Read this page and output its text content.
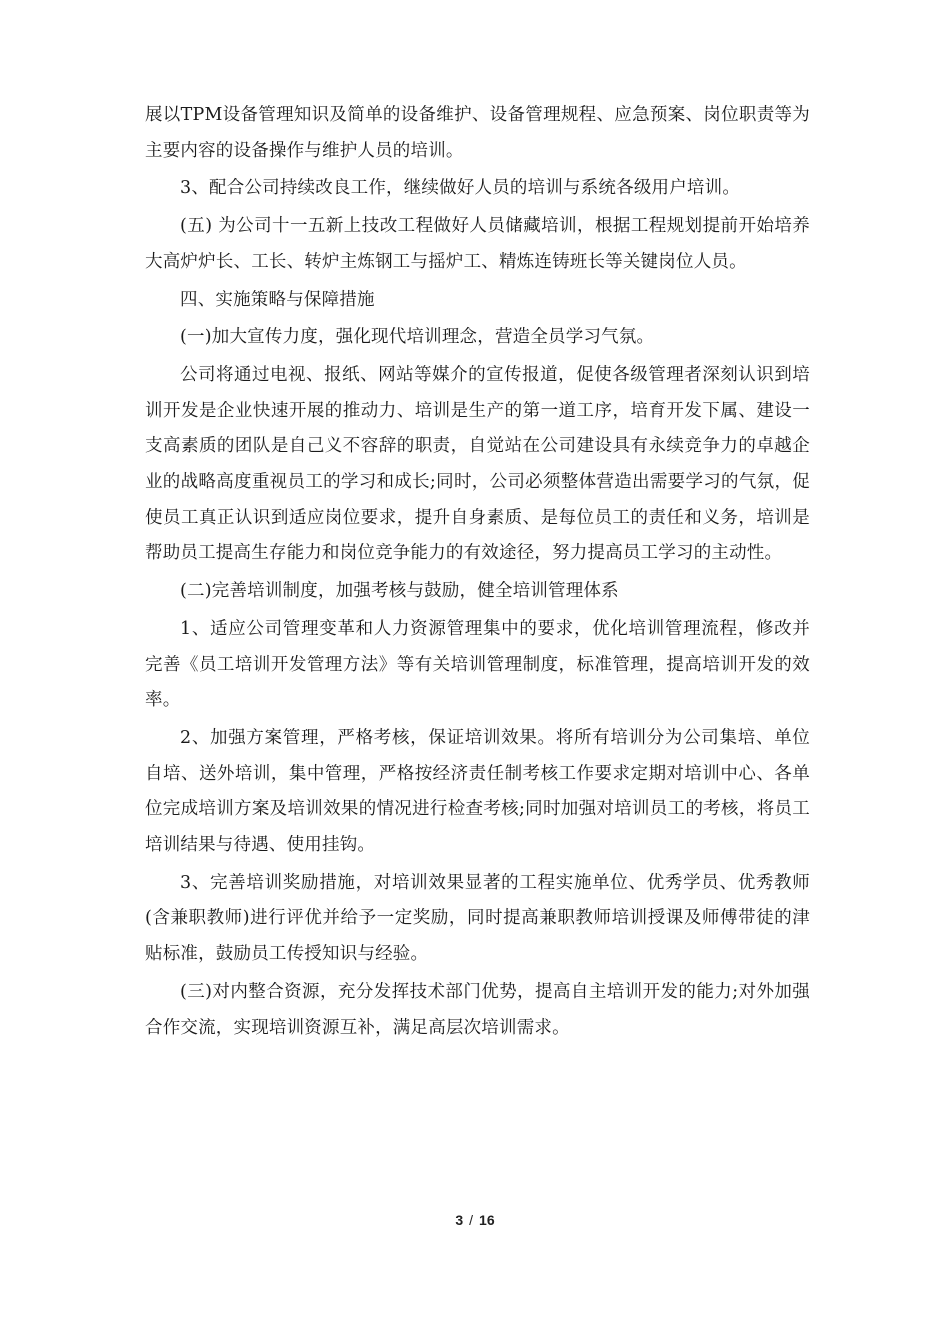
展以TPM设备管理知识及简单的设备维护、设备管理规程、应急预案、岗位职责等为主要内容的设备操作与维护人员的培训。

3、配合公司持续改良工作，继续做好人员的培训与系统各级用户培训。

(五) 为公司十一五新上技改工程做好人员储藏培训，根据工程规划提前开始培养大高炉炉长、工长、转炉主炼钢工与摇炉工、精炼连铸班长等关键岗位人员。

四、实施策略与保障措施

(一)加大宣传力度，强化现代培训理念，营造全员学习气氛。

公司将通过电视、报纸、网站等媒介的宣传报道，促使各级管理者深刻认识到培训开发是企业快速开展的推动力、培训是生产的第一道工序，培育开发下属、建设一支高素质的团队是自己义不容辞的职责，自觉站在公司建设具有永续竞争力的卓越企业的战略高度重视员工的学习和成长;同时，公司必须整体营造出需要学习的气氛，促使员工真正认识到适应岗位要求，提升自身素质、是每位员工的责任和义务，培训是帮助员工提高生存能力和岗位竞争能力的有效途径，努力提高员工学习的主动性。

(二)完善培训制度，加强考核与鼓励，健全培训管理体系

1、适应公司管理变革和人力资源管理集中的要求，优化培训管理流程，修改并完善《员工培训开发管理方法》等有关培训管理制度，标准管理，提高培训开发的效率。

2、加强方案管理，严格考核，保证培训效果。将所有培训分为公司集培、单位自培、送外培训，集中管理，严格按经济责任制考核工作要求定期对培训中心、各单位完成培训方案及培训效果的情况进行检查考核;同时加强对培训员工的考核，将员工培训结果与待遇、使用挂钩。

3、完善培训奖励措施，对培训效果显著的工程实施单位、优秀学员、优秀教师(含兼职教师)进行评优并给予一定奖励，同时提高兼职教师培训授课及师傅带徒的津贴标准，鼓励员工传授知识与经验。

(三)对内整合资源，充分发挥技术部门优势，提高自主培训开发的能力;对外加强合作交流，实现培训资源互补，满足高层次培训需求。

3 / 16
